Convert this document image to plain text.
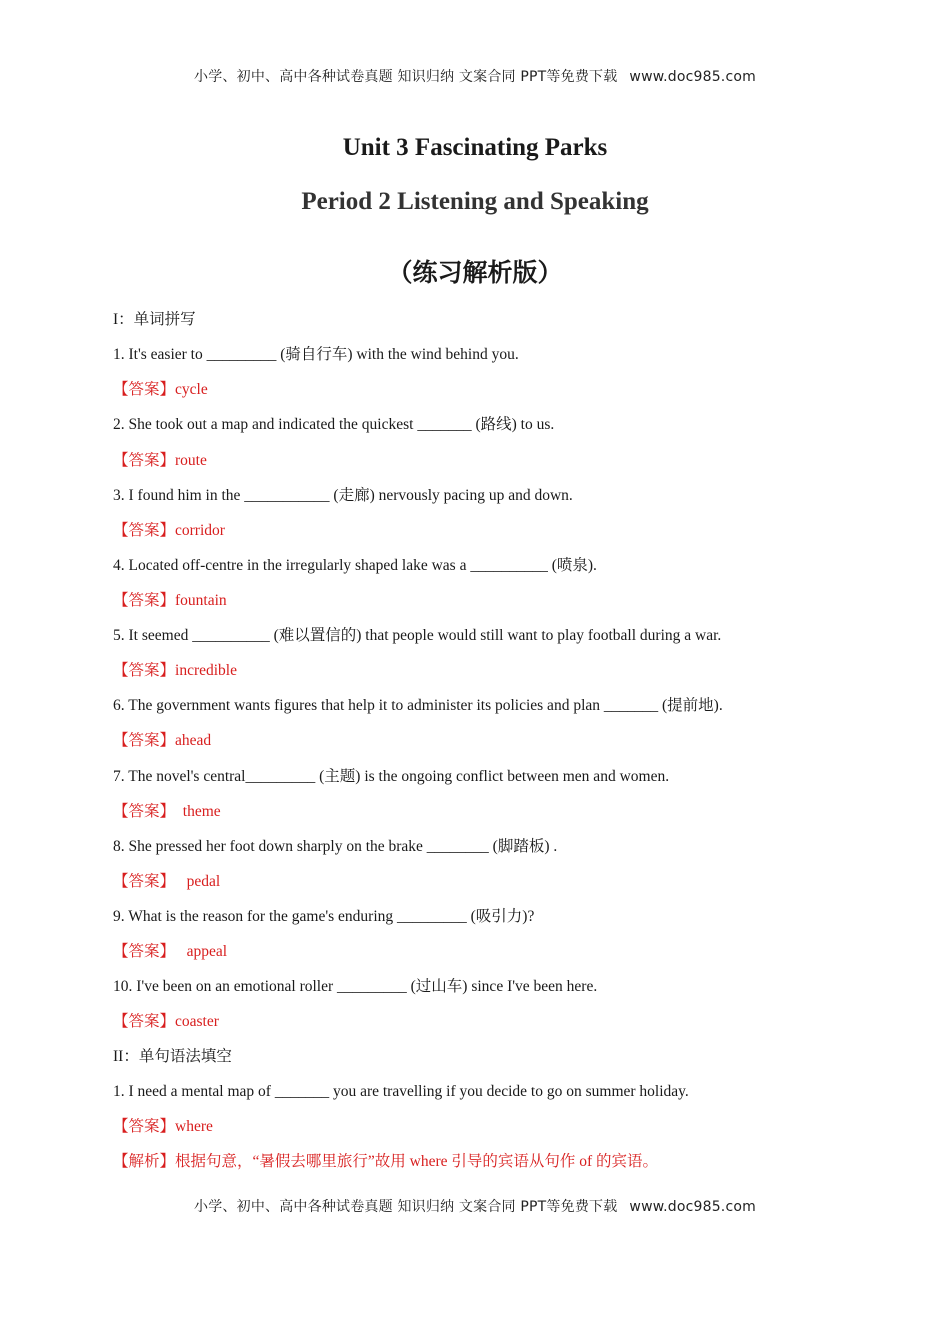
小学、初中、高中各种试卷真题 知识归纳 文案合同 PPT等免费下载 www.doc985.com
Unit 3 Fascinating Parks
Period 2 Listening and Speaking
（练习解析版）
I：单词拼写
1. It's easier to _________ (骑自行车) with the wind behind you.
【答案】cycle
2. She took out a map and indicated the quickest _______ (路线) to us.
【答案】route
3. I found him in the ___________ (走廊) nervously pacing up and down.
【答案】corridor
4. Located off-centre in the irregularly shaped lake was a __________ (喷泉).
【答案】fountain
5. It seemed __________ (难以置信的) that people would still want to play football during a war.
【答案】incredible
6. The government wants figures that help it to administer its policies and plan _______ (提前地).
【答案】ahead
7. The novel's central_________ (主题) is the ongoing conflict between men and women.
【答案】  theme
8. She pressed her foot down sharply on the brake ________ (脚踏板) .
【答案】   pedal
9. What is the reason for the game's enduring _________ (吸引力)?
【答案】   appeal
10. I've been on an emotional roller _________ (过山车) since I've been here.
【答案】coaster
II：单句语法填空
1. I need a mental map of _______ you are travelling if you decide to go on summer holiday.
【答案】where
【解析】根据句意，“暑假去哪里旅行”故用 where 引导的宾语从句作 of 的宾语。
小学、初中、高中各种试卷真题 知识归纳 文案合同 PPT等免费下载 www.doc985.com
